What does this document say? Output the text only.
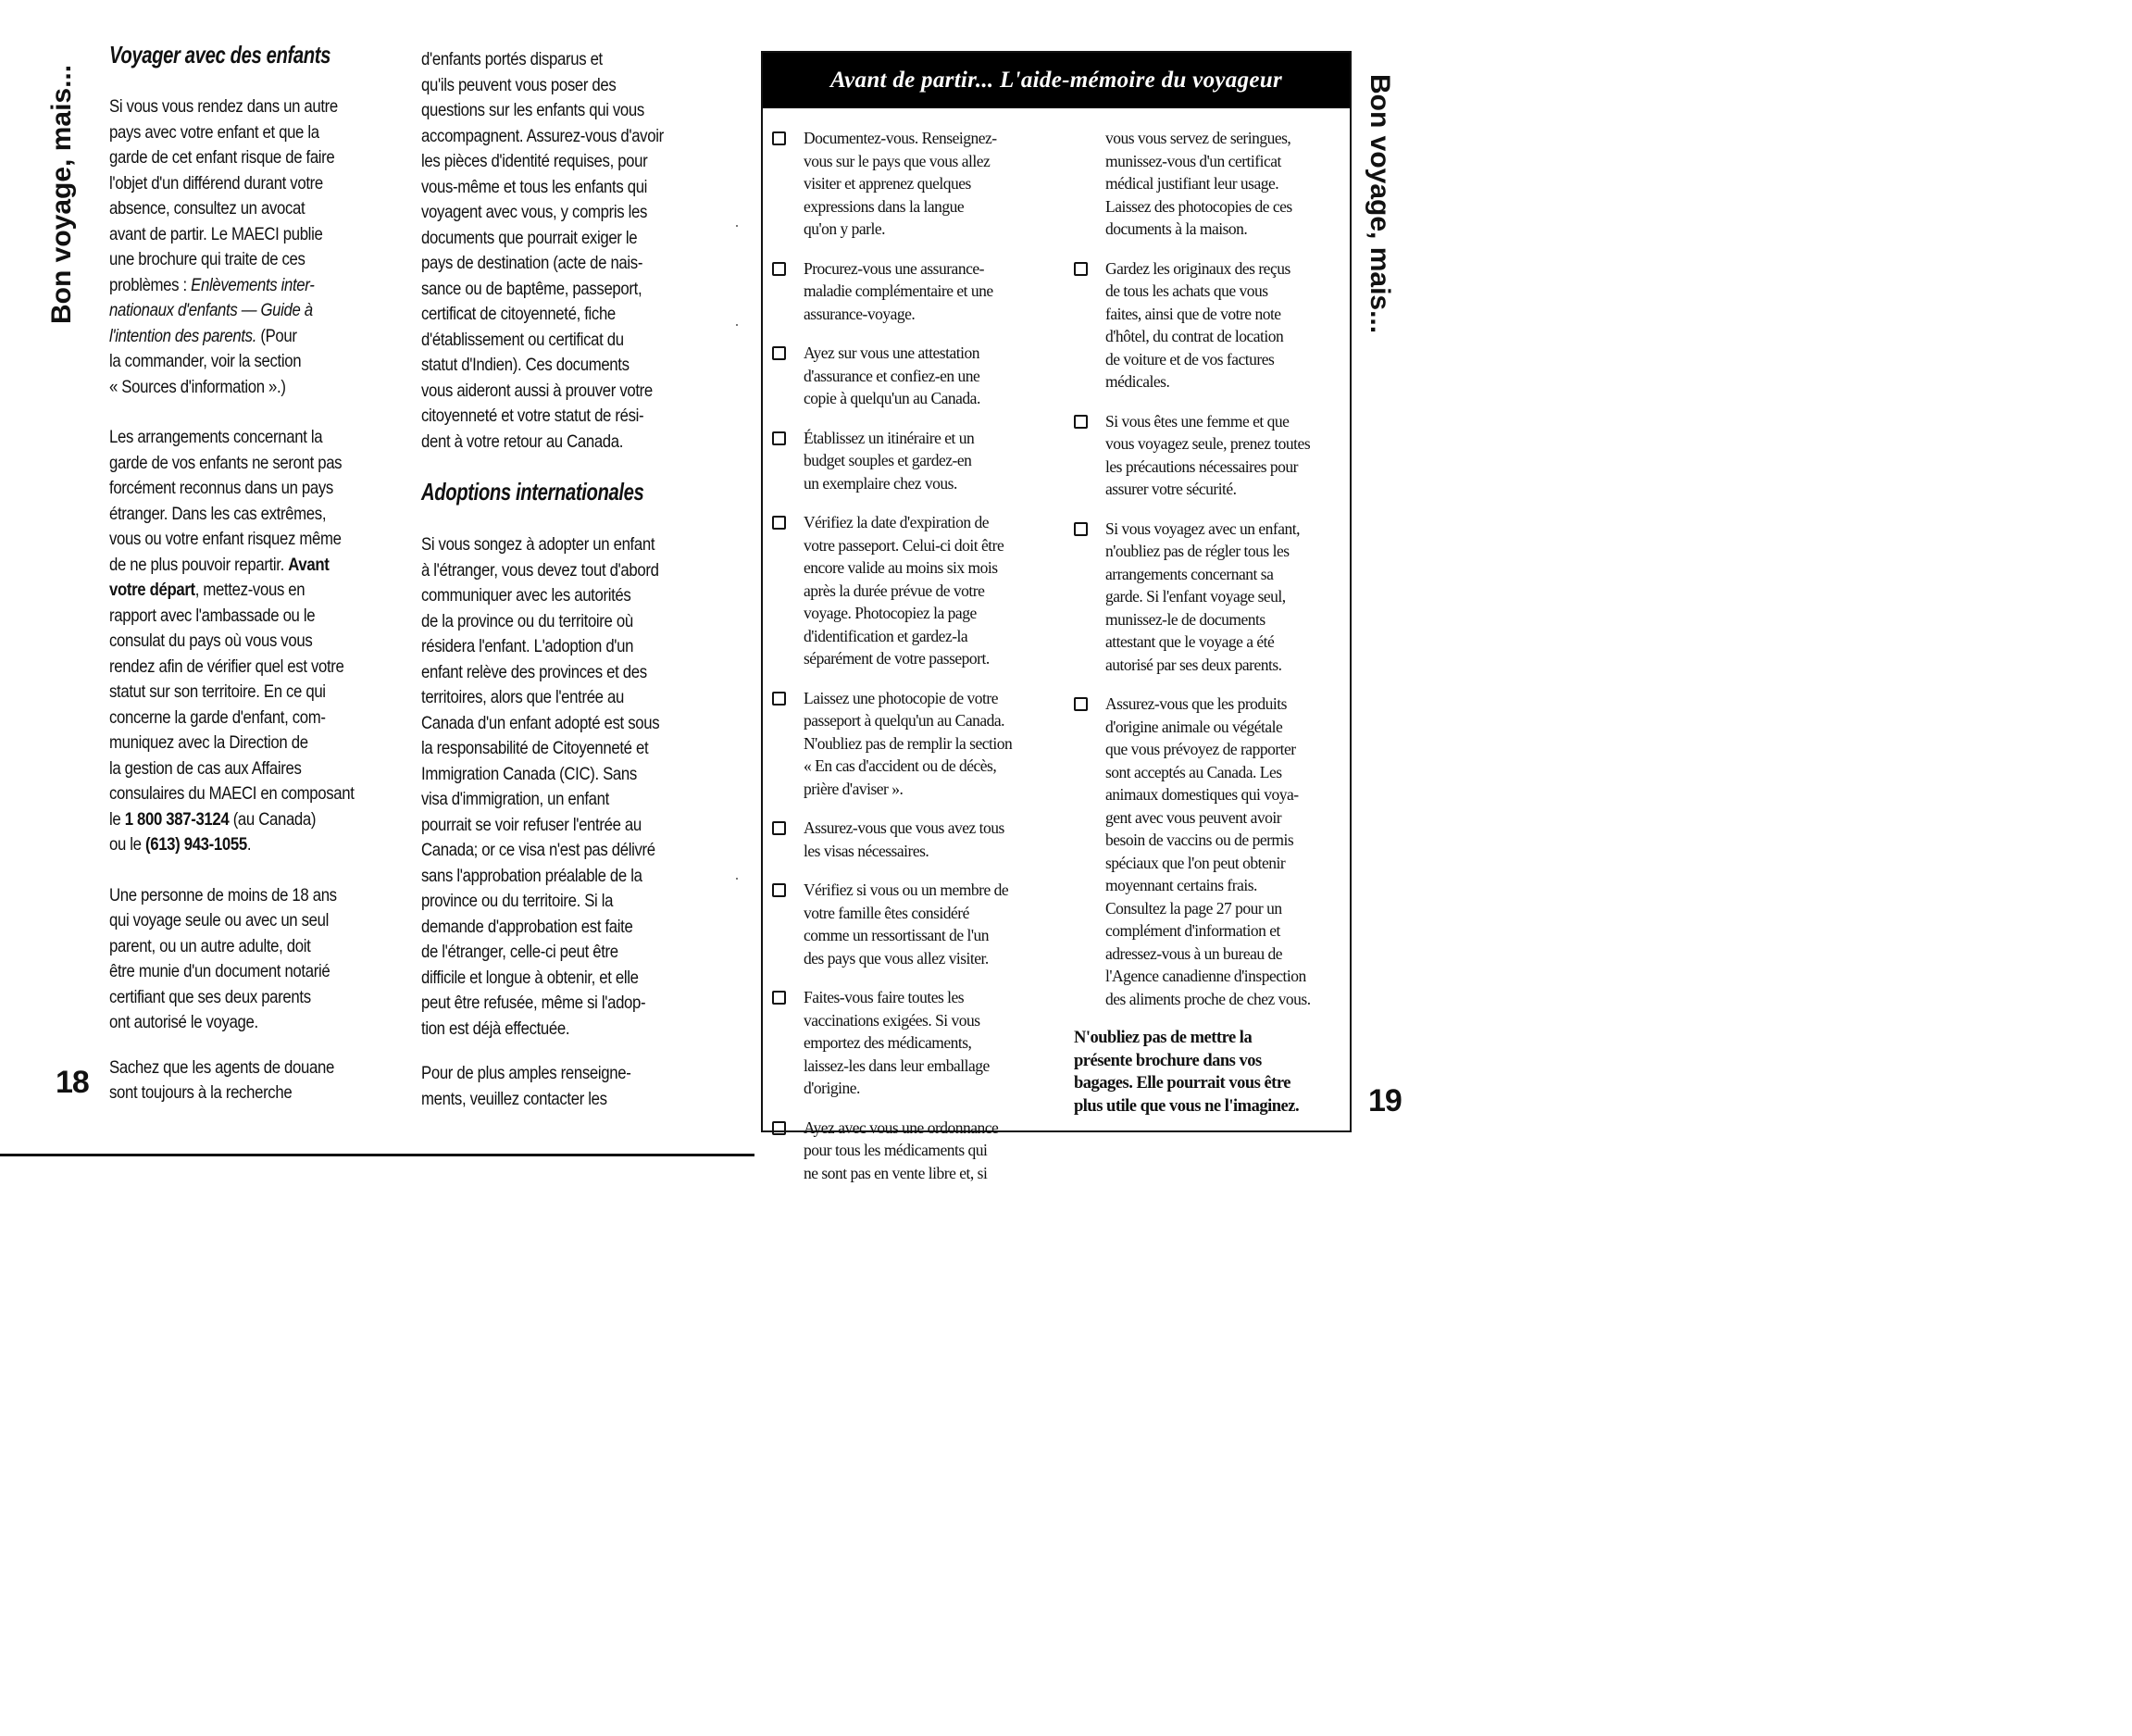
Bon voyage, mais...	Bon voyage, mais...
18
19
Voyager avec des enfants

Si vous vous rendez dans un autre
pays avec votre enfant et que la
garde de cet enfant risque de faire
l'objet d'un différend durant votre
absence, consultez un avocat
avant de partir. Le MAECI publie
une brochure qui traite de ces
problèmes : Enlèvements inter-
nationaux d'enfants — Guide à
l'intention des parents. (Pour
la commander, voir la section
« Sources d'information ».)

Les arrangements concernant la
garde de vos enfants ne seront pas
forcément reconnus dans un pays
étranger. Dans les cas extrêmes,
vous ou votre enfant risquez même
de ne plus pouvoir repartir. Avant
votre départ, mettez-vous en
rapport avec l'ambassade ou le
consulat du pays où vous vous
rendez afin de vérifier quel est votre
statut sur son territoire. En ce qui
concerne la garde d'enfant, com-
muniquez avec la Direction de
la gestion de cas aux Affaires
consulaires du MAECI en composant
le 1 800 387-3124 (au Canada)
ou le (613) 943-1055.

Une personne de moins de 18 ans
qui voyage seule ou avec un seul
parent, ou un autre adulte, doit
être munie d'un document notarié
certifiant que ses deux parents
ont autorisé le voyage.

Sachez que les agents de douane
sont toujours à la recherche

d'enfants portés disparus et
qu'ils peuvent vous poser des
questions sur les enfants qui vous
accompagnent. Assurez-vous d'avoir
les pièces d'identité requises, pour
vous-même et tous les enfants qui
voyagent avec vous, y compris les
documents que pourrait exiger le
pays de destination (acte de nais-
sance ou de baptême, passeport,
certificat de citoyenneté, fiche
d'établissement ou certificat du
statut d'Indien). Ces documents
vous aideront aussi à prouver votre
citoyenneté et votre statut de rési-
dent à votre retour au Canada.

Adoptions internationales

Si vous songez à adopter un enfant
à l'étranger, vous devez tout d'abord
communiquer avec les autorités
de la province ou du territoire où
résidera l'enfant. L'adoption d'un
enfant relève des provinces et des
territoires, alors que l'entrée au
Canada d'un enfant adopté est sous
la responsabilité de Citoyenneté et
Immigration Canada (CIC). Sans
visa d'immigration, un enfant
pourrait se voir refuser l'entrée au
Canada; or ce visa n'est pas délivré
sans l'approbation préalable de la
province ou du territoire. Si la
demande d'approbation est faite
de l'étranger, celle-ci peut être
difficile et longue à obtenir, et elle
peut être refusée, même si l'adop-
tion est déjà effectuée.

Pour de plus amples renseigne-
ments, veuillez contacter les

Avant de partir... L'aide-mémoire du voyageur
Documentez-vous. Renseignez-
vous sur le pays que vous allez
visiter et apprenez quelques
expressions dans la langue
qu'on y parle.
Procurez-vous une assurance-
maladie complémentaire et une
assurance-voyage.
Ayez sur vous une attestation
d'assurance et confiez-en une
copie à quelqu'un au Canada.
Établissez un itinéraire et un
budget souples et gardez-en
un exemplaire chez vous.
Vérifiez la date d'expiration de
votre passeport. Celui-ci doit être
encore valide au moins six mois
après la durée prévue de votre
voyage. Photocopiez la page
d'identification et gardez-la
séparément de votre passeport.
Laissez une photocopie de votre
passeport à quelqu'un au Canada.
N'oubliez pas de remplir la section
« En cas d'accident ou de décès,
prière d'aviser ».
Assurez-vous que vous avez tous
les visas nécessaires.
Vérifiez si vous ou un membre de
votre famille êtes considéré
comme un ressortissant de l'un
des pays que vous allez visiter.
Faites-vous faire toutes les
vaccinations exigées. Si vous
emportez des médicaments,
laissez-les dans leur emballage
d'origine.
Ayez avec vous une ordonnance
pour tous les médicaments qui
ne sont pas en vente libre et, si
vous vous servez de seringues,
munissez-vous d'un certificat
médical justifiant leur usage.
Laissez des photocopies de ces
documents à la maison.
Gardez les originaux des reçus
de tous les achats que vous
faites, ainsi que de votre note
d'hôtel, du contrat de location
de voiture et de vos factures
médicales.
Si vous êtes une femme et que
vous voyagez seule, prenez toutes
les précautions nécessaires pour
assurer votre sécurité.
Si vous voyagez avec un enfant,
n'oubliez pas de régler tous les
arrangements concernant sa
garde. Si l'enfant voyage seul,
munissez-le de documents
attestant que le voyage a été
autorisé par ses deux parents.
Assurez-vous que les produits
d'origine animale ou végétale
que vous prévoyez de rapporter
sont acceptés au Canada. Les
animaux domestiques qui voya-
gent avec vous peuvent avoir
besoin de vaccins ou de permis
spéciaux que l'on peut obtenir
moyennant certains frais.
Consultez la page 27 pour un
complément d'information et
adressez-vous à un bureau de
l'Agence canadienne d'inspection
des aliments proche de chez vous.
N'oubliez pas de mettre la
présente brochure dans vos
bagages. Elle pourrait vous être
plus utile que vous ne l'imaginez.
